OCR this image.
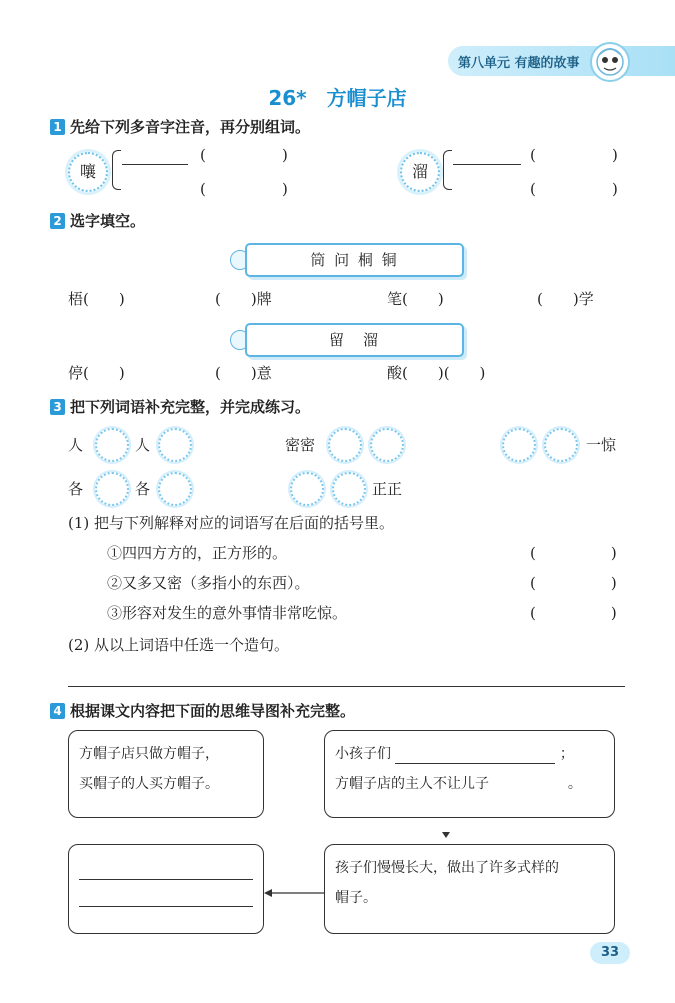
第八单元 有趣的故事
26*　方帽子店
1 先给下列多音字注音，再分别组词。
嚷
(	)
(	)
溜
(	)
(	)
2 选字填空。
筒 问 桐 铜
梧(　　)	(　　)牌	笔(　　)	(　　)学
留　溜
停(　　)	(　　)意	酸(　　)(　　)
3 把下列词语补充完整，并完成练习。
人	人	密密	一惊
各	各	正正
(1) 把与下列解释对应的词语写在后面的括号里。
①四四方方的，正方形的。	(　　　　　)
②又多又密（多指小的东西）。	(　　　　　)
③形容对发生的意外事情非常吃惊。	(　　　　　)
(2) 从以上词语中任选一个造句。
4 根据课文内容把下面的思维导图补充完整。
方帽子店只做方帽子，
买帽子的人买方帽子。
小孩子们	；
方帽子店的主人不让儿子	。
孩子们慢慢长大，做出了许多式样的
帽子。
33
